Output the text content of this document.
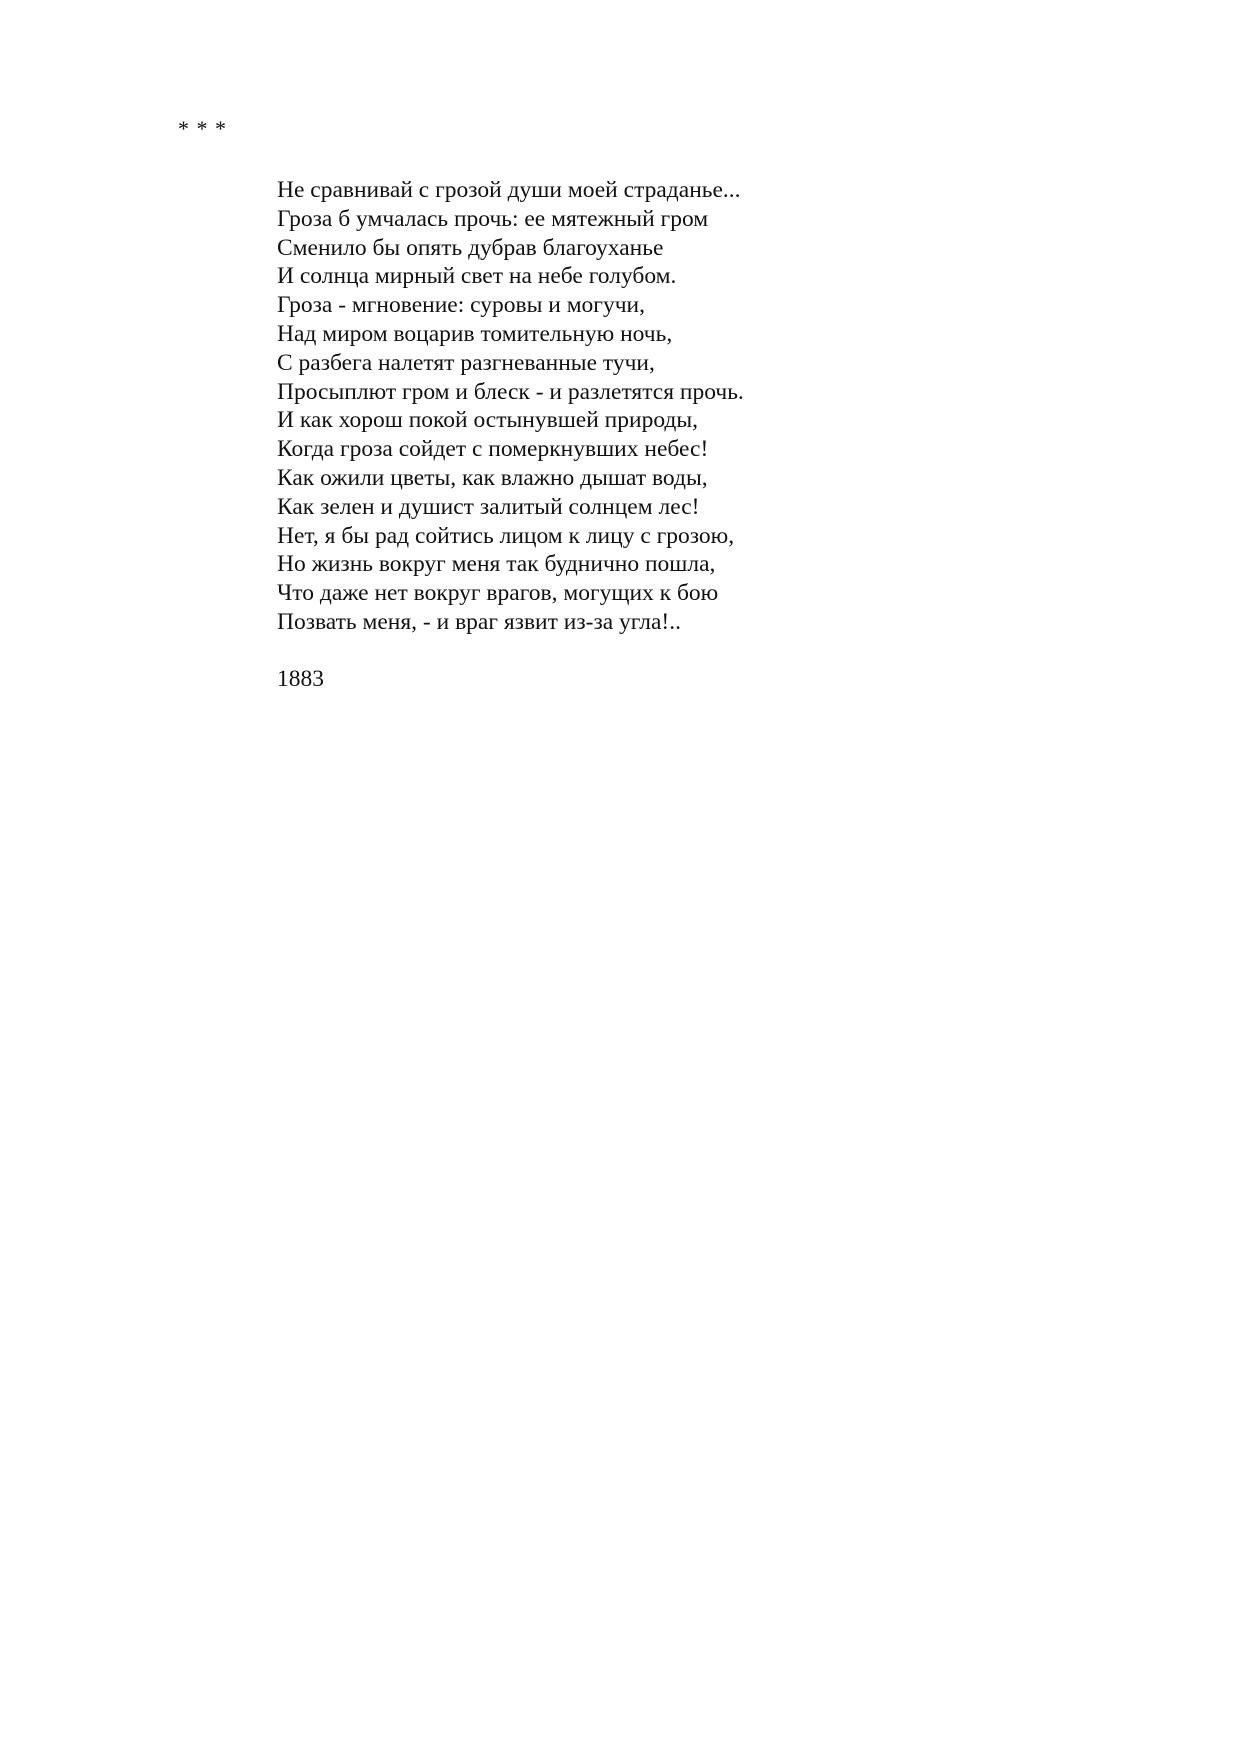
* * *
Не сравнивай с грозой души моей страданье...
Гроза б умчалась прочь: ее мятежный гром
Сменило бы опять дубрав благоуханье
И солнца мирный свет на небе голубом.
Гроза - мгновение: суровы и могучи,
Над миром воцарив томительную ночь,
С разбега налетят разгневанные тучи,
Просыплют гром и блеск - и разлетятся прочь.
И как хорош покой остынувшей природы,
Когда гроза сойдет с померкнувших небес!
Как ожили цветы, как влажно дышат воды,
Как зелен и душист залитый солнцем лес!
Нет, я бы рад сойтись лицом к лицу с грозою,
Но жизнь вокруг меня так буднично пошла,
Что даже нет вокруг врагов, могущих к бою
Позвать меня, - и враг язвит из-за угла!..
1883
